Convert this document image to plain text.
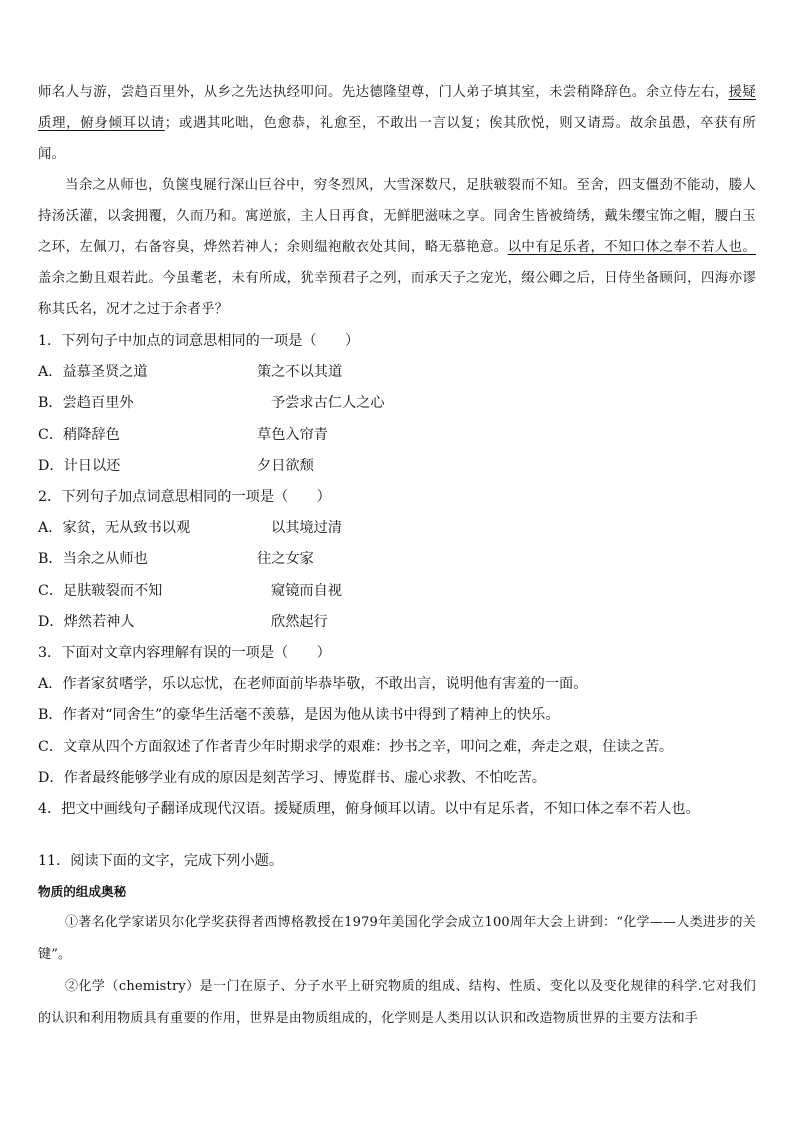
师名人与游，尝趋百里外，从乡之先达执经叩问。先达德隆望尊，门人弟子填其室，未尝稍降辞色。余立侍左右，援疑质理，俯身倾耳以请；或遇其叱咄，色愈恭，礼愈至，不敢出一言以复；俟其欣悦，则又请焉。故余虽愚，卒获有所闻。

当余之从师也，负箧曳屣行深山巨谷中，穷冬烈风，大雪深数尺，足肤皲裂而不知。至舍，四支僵劲不能动，媵人持汤沃灌，以衾拥覆，久而乃和。寓逆旅，主人日再食，无鲜肥滋味之享。同舍生皆被绮绣，戴朱缨宝饰之帽，腰白玉之环，左佩刀，右备容臭，烨然若神人；余则缊袍敝衣处其间，略无慕艳意。以中有足乐者，不知口体之奉不若人也。盖余之勤且艰若此。今虽耄老，未有所成，犹幸预君子之列，而承天子之宠光，缀公卿之后，日侍坐备顾问，四海亦谬称其氏名，况才之过于余者乎？

1．下列句子中加点的词意思相同的一项是（　　）
A．益慕圣贤之道	策之不以其道
B．尝趋百里外	予尝求古仁人之心
C．稍降辞色	草色入帘青
D．计日以还	夕日欲颓
2．下列句子加点词意思相同的一项是（　　）
A．家贫，无从致书以观	以其境过清
B．当余之从师也	往之女家
C．足肤皲裂而不知	窥镜而自视
D．烨然若神人	欣然起行
3．下面对文章内容理解有误的一项是（　　）
A．作者家贫嗜学，乐以忘忧，在老师面前毕恭毕敬，不敢出言，说明他有害羞的一面。
B．作者对“同舍生”的豪华生活毫不羡慕，是因为他从读书中得到了精神上的快乐。
C．文章从四个方面叙述了作者青少年时期求学的艰难：抄书之辛，叩问之难，奔走之艰，住读之苦。
D．作者最终能够学业有成的原因是刻苦学习、博览群书、虚心求教、不怕吃苦。
4．把文中画线句子翻译成现代汉语。援疑质理，俯身倾耳以请。以中有足乐者，不知口体之奉不若人也。
11．阅读下面的文字，完成下列小题。
物质的组成奥秘

①著名化学家诺贝尔化学奖获得者西博格教授在1979年美国化学会成立100周年大会上讲到：“化学——人类进步的关键”。

②化学（chemistry）是一门在原子、分子水平上研究物质的组成、结构、性质、变化以及变化规律的科学.它对我们的认识和利用物质具有重要的作用，世界是由物质组成的，化学则是人类用以认识和改造物质世界的主要方法和手
